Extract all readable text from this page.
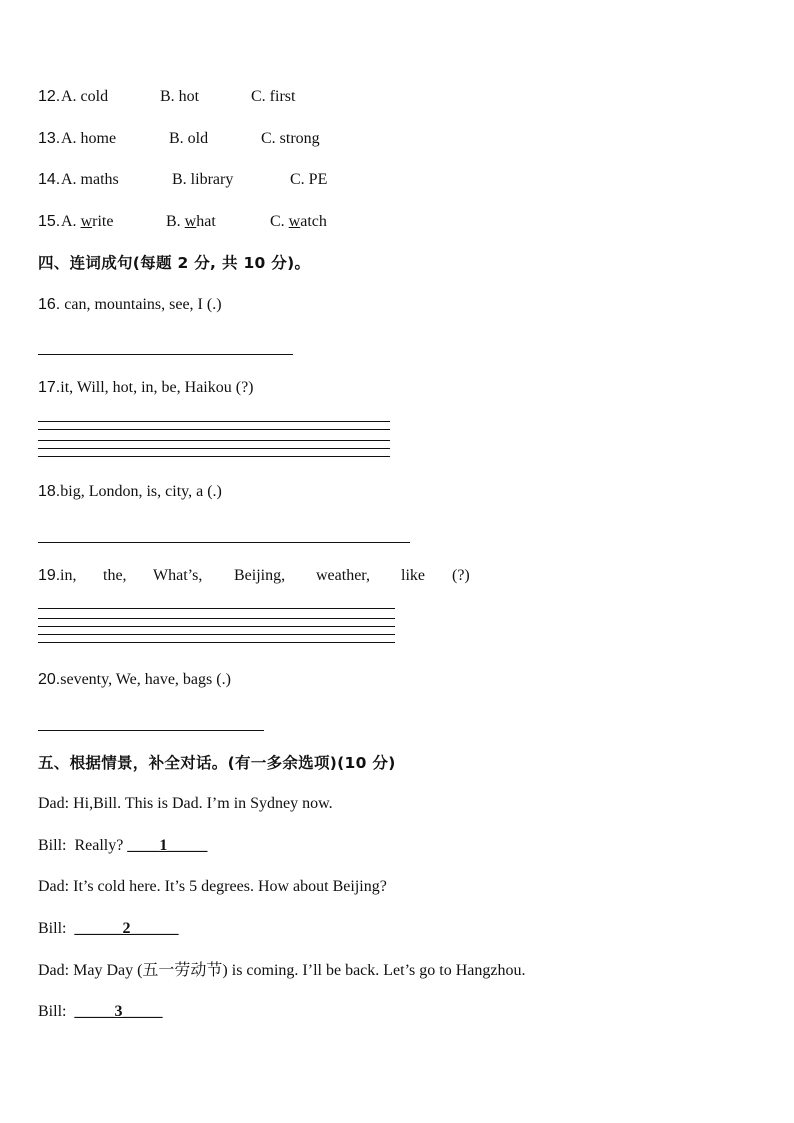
12. A. cold	B. hot	C. first
13. A. home	B. old	C. strong
14. A. maths	B. library	C. PE
15. A. write	B. what	C. watch
四、连词成句(每题 2 分, 共 10 分)。
16. can, mountains, see, I (.)
17.it, Will, hot, in, be, Haikou (?)
18.big, London, is, city, a (.)
19. in, the, What’s, Beijing, weather, like (?)
20.seventy, We, have, bags (.)
五、根据情景，补全对话。(有一多余选项)(10 分)
Dad: Hi,Bill. This is Dad. I’m in Sydney now.
Bill:  Really? ____1_____
Dad: It’s cold here. It’s 5 degrees. How about Beijing?
Bill: ______2______
Dad: May Day (五一劳动节) is coming. I’ll be back. Let’s go to Hangzhou.
Bill: _____3_____
